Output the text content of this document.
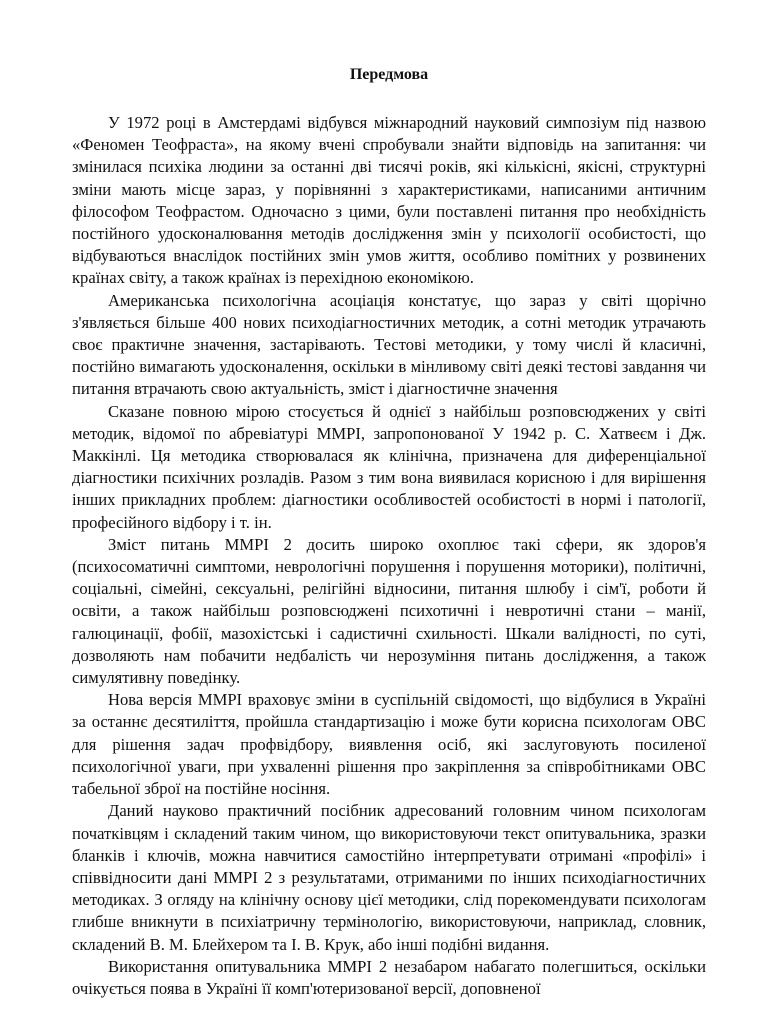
Передмова

У 1972 році в Амстердамі відбувся міжнародний науковий симпозіум під назвою «Феномен Теофраста», на якому вчені спробували знайти відповідь на запитання: чи змінилася психіка людини за останні дві тисячі років, які кількісні, якісні, структурні зміни мають місце зараз, у порівнянні з характеристиками, написаними античним філософом Теофрастом. Одночасно з цими, були поставлені питання про необхідність постійного удосконалювання методів дослідження змін у психології особистості, що відбуваються внаслідок постійних змін умов життя, особливо помітних у розвинених країнах світу, а також країнах із перехідною економікою.

Американська психологічна асоціація констатує, що зараз у світі щорічно з'являється більше 400 нових психодіагностичних методик, а сотні методик утрачають своє практичне значення, застарівають. Тестові методики, у тому числі й класичні, постійно вимагають удосконалення, оскільки в мінливому світі деякі тестові завдання чи питання втрачають свою актуальність, зміст і діагностичне значення

Сказане повною мірою стосується й однієї з найбільш розповсюджених у світі методик, відомої по абревіатурі ММРІ, запропонованої У 1942 р. С. Хатвеєм і Дж. Маккінлі. Ця методика створювалася як клінічна, призначена для диференціальної діагностики психічних розладів. Разом з тим вона виявилася корисною і для вирішення інших прикладних проблем: діагностики особливостей особистості в нормі і патології, професійного відбору і т. ін.

Зміст питань ММРІ 2 досить широко охоплює такі сфери, як здоров'я (психосоматичні симптоми, неврологічні порушення і порушення моторики), політичні, соціальні, сімейні, сексуальні, релігійні відносини, питання шлюбу і сім'ї, роботи й освіти, а також найбільш розповсюджені психотичні і невротичні стани – манії, галюцинації, фобії, мазохістські і садистичні схильності. Шкали валідності, по суті, дозволяють нам побачити недбалість чи нерозуміння питань дослідження, а також симулятивну поведінку.

Нова версія ММРІ враховує зміни в суспільній свідомості, що відбулися в Україні за останнє десятиліття, пройшла стандартизацію і може бути корисна психологам ОВС для рішення задач профвідбору, виявлення осіб, які заслуговують посиленої психологічної уваги, при ухваленні рішення про закріплення за співробітниками ОВС табельної зброї на постійне носіння.

Даний науково практичний посібник адресований головним чином психологам початківцям і складений таким чином, що використовуючи текст опитувальника, зразки бланків і ключів, можна навчитися самостійно інтерпретувати отримані «профілі» і співвідносити дані ММРІ 2 з результатами, отриманими по інших психодіагностичних методиках. З огляду на клінічну основу цієї методики, слід порекомендувати психологам глибше вникнути в психіатричну термінологію, використовуючи, наприклад, словник, складений В. М. Блейхером та І. В. Крук, або інші подібні видання.

Використання опитувальника ММРІ 2 незабаром набагато полегшиться, оскільки очікується поява в Україні її комп'ютеризованої версії, доповненої
